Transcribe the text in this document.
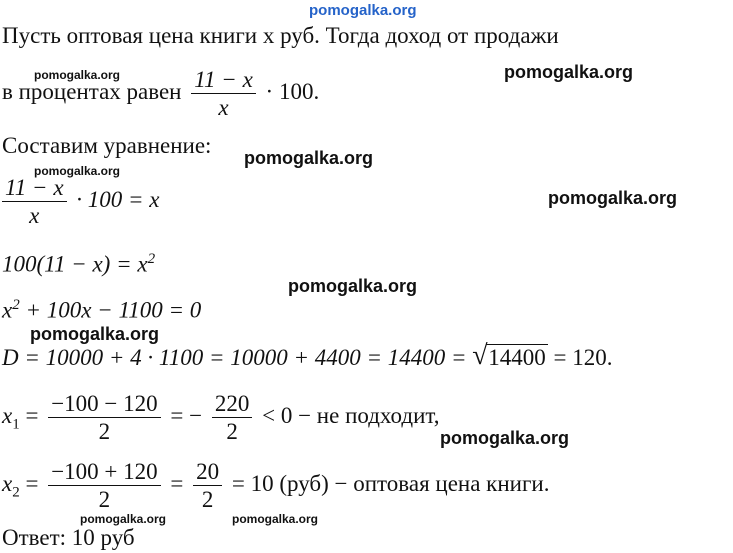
pomogalka.org
pomogalka.org	pomogalka.org
pomogalka.org
pomogalka.org
pomogalka.org
pomogalka.org
pomogalka.org
pomogalka.org
pomogalka.org	pomogalka.org
Пусть оптовая цена книги x руб. Тогда доход от продажи
в процентах равен $\frac{11 - x}{x} \cdot 100$.
Составим уравнение:
$\frac{11 - x}{x} \cdot 100 = x$
$100(11 - x) = x^2$
$x^2 + 100x - 1100 = 0$
D = 10000 + 4 · 1100 = 10000 + 4400 = 14400 = √ 14400 = 120.
$x_1 = \frac{-100 - 120}{2}$ = − $\frac{220}{2} < 0$ − не подходит,
$x_2 = \frac{-100 + 120}{2} = \frac{20}{2} = 10$ (руб) − оптовая цена книги.
Ответ: 10 руб
